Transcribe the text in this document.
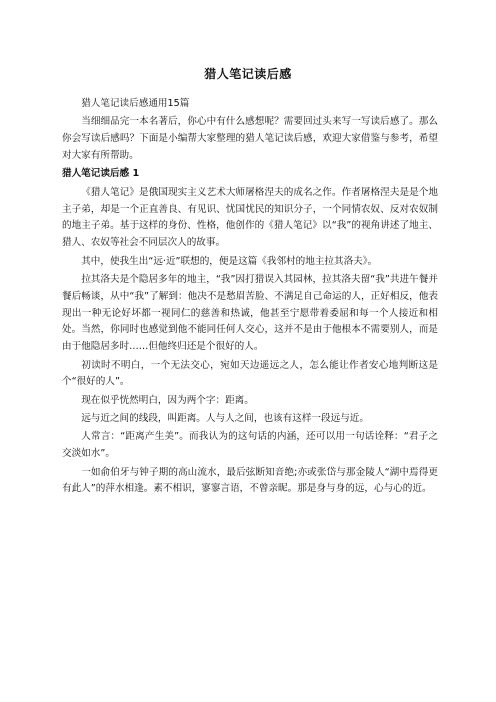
猎人笔记读后感

猎人笔记读后感通用15篇

当细细品完一本名著后，你心中有什么感想呢？需要回过头来写一写读后感了。那么你会写读后感吗？下面是小编帮大家整理的猎人笔记读后感，欢迎大家借鉴与参考，希望对大家有所帮助。

猎人笔记读后感 1

《猎人笔记》是俄国现实主义艺术大师屠格涅夫的成名之作。作者屠格涅夫是是个地主子弟，却是一个正直善良、有见识、忧国忧民的知识分子，一个同情农奴、反对农奴制的地主子弟。基于这样的身份、性格，他创作的《猎人笔记》以“我”的视角讲述了地主、猎人、农奴等社会不同层次人的故事。

其中，使我生出“远·近”联想的，便是这篇《我邻村的地主拉其洛夫》。

拉其洛夫是个隐居多年的地主，“我”因打猎误入其园林，拉其洛夫留“我”共进午餐并餐后畅谈，从中“我”了解到：他决不是愁眉苦脸、不满足自己命运的人，正好相反，他表现出一种无论好坏都一视同仁的慈善和热诚，他甚至宁愿带着委屈和每一个人接近和相处。当然，你同时也感觉到他不能同任何人交心，这并不是由于他根本不需要别人，而是由于他隐居多时……但他终归还是个很好的人。

初读时不明白，一个无法交心，宛如天边遥远之人，怎么能让作者安心地判断这是个“很好的人”。

现在似乎恍然明白，因为两个字：距离。

远与近之间的线段，叫距离。人与人之间，也该有这样一段远与近。

人常言：“距离产生美”。而我认为的这句话的内涵，还可以用一句话诠释：“君子之交淡如水”。

一如俞伯牙与钟子期的高山流水，最后弦断知音绝;亦或张岱与那金陵人“湖中焉得更有此人”的萍水相逢。素不相识，寥寥言语，不曾亲昵。那是身与身的远，心与心的近。
